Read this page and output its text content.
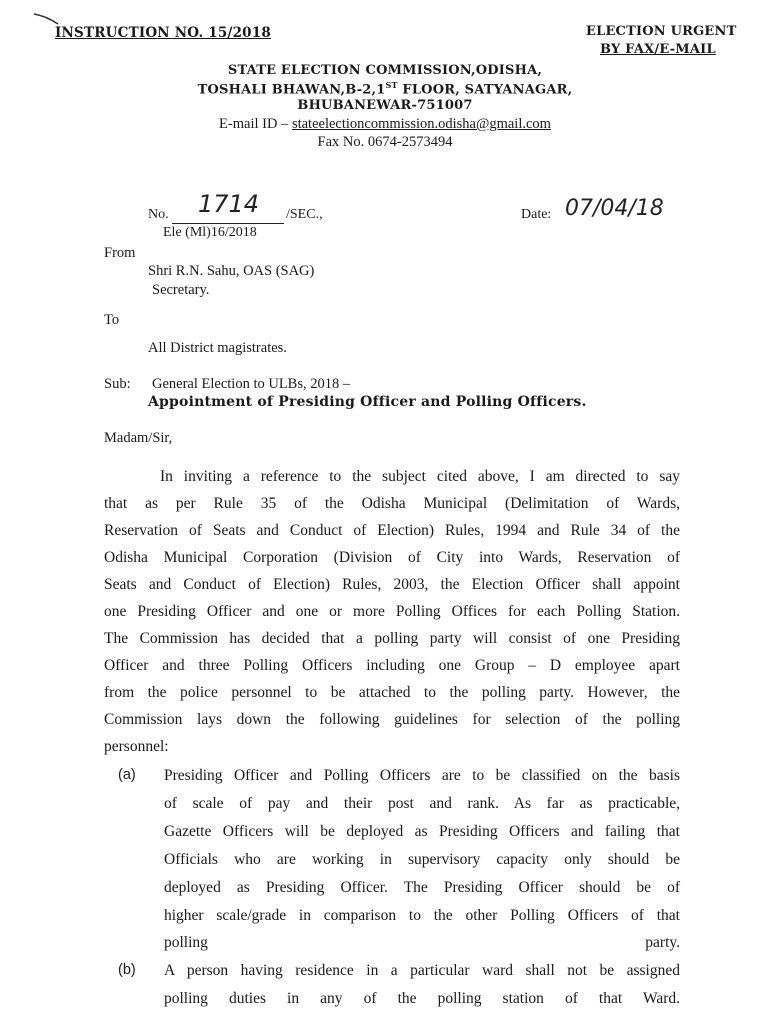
INSTRUCTION NO. 15/2018	ELECTION URGENT
BY FAX/E-MAIL
STATE ELECTION COMMISSION,ODISHA,
TOSHALI BHAWAN,B-2,1ST FLOOR, SATYANAGAR,
BHUBANEWAR-751007
E-mail ID – stateelectioncommission.odisha@gmail.com
Fax No. 0674-2573494
No. 1714 /SEC.,
Ele (Ml)16/2018
Date: 07/04/18
From
Shri R.N. Sahu, OAS (SAG)
Secretary.
To
All District magistrates.
Sub: General Election to ULBs, 2018 –
Appointment of Presiding Officer and Polling Officers.
Madam/Sir,
In inviting a reference to the subject cited above, I am directed to say
that as per Rule 35 of the Odisha Municipal (Delimitation of Wards,
Reservation of Seats and Conduct of Election) Rules, 1994 and Rule 34 of the
Odisha Municipal Corporation (Division of City into Wards, Reservation of
Seats and Conduct of Election) Rules, 2003, the Election Officer shall appoint
one Presiding Officer and one or more Polling Offices for each Polling Station.
The Commission has decided that a polling party will consist of one Presiding
Officer and three Polling Officers including one Group – D employee apart
from the police personnel to be attached to the polling party. However, the
Commission lays down the following guidelines for selection of the polling
personnel:
(a) Presiding Officer and Polling Officers are to be classified on the basis
of scale of pay and their post and rank. As far as practicable,
Gazette Officers will be deployed as Presiding Officers and failing that
Officials who are working in supervisory capacity only should be
deployed as Presiding Officer. The Presiding Officer should be of
higher scale/grade in comparison to the other Polling Officers of that
polling party.
(b) A person having residence in a particular ward shall not be assigned
polling duties in any of the polling station of that Ward.
